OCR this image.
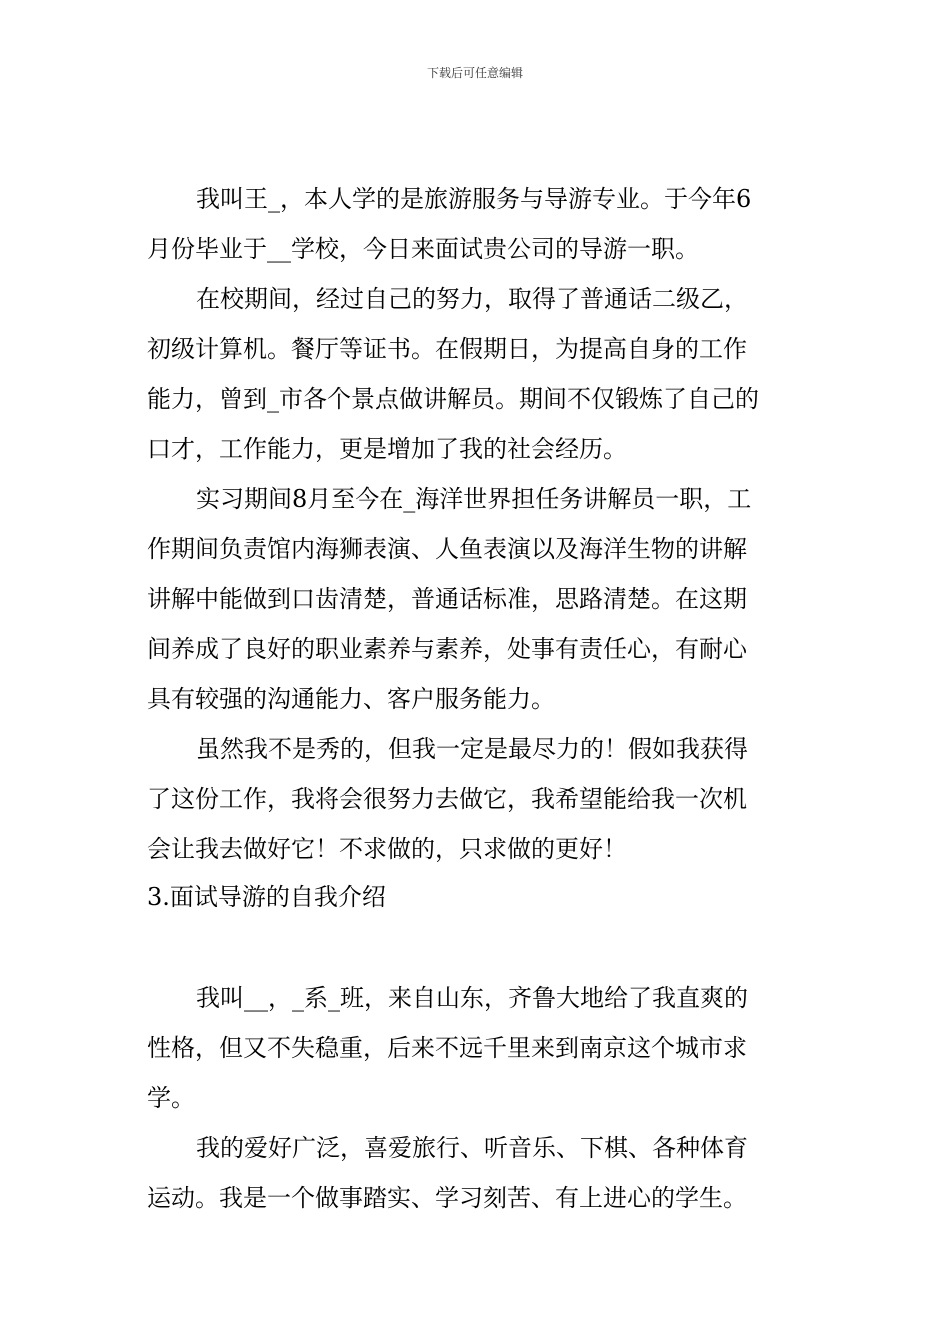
下载后可任意编辑
我叫王_，本人学的是旅游服务与导游专业。于今年6
月份毕业于__学校，今日来面试贵公司的导游一职。
在校期间，经过自己的努力，取得了普通话二级乙，
初级计算机。餐厅等证书。在假期日，为提高自身的工作
能力，曾到_市各个景点做讲解员。期间不仅锻炼了自己的
口才，工作能力，更是增加了我的社会经历。
实习期间8月至今在_海洋世界担任务讲解员一职，工
作期间负责馆内海狮表演、人鱼表演以及海洋生物的讲解
讲解中能做到口齿清楚，普通话标准，思路清楚。在这期
间养成了良好的职业素养与素养，处事有责任心，有耐心
具有较强的沟通能力、客户服务能力。
虽然我不是秀的，但我一定是最尽力的！假如我获得
了这份工作，我将会很努力去做它，我希望能给我一次机
会让我去做好它！不求做的，只求做的更好！
3.面试导游的自我介绍
我叫__，_系_班，来自山东，齐鲁大地给了我直爽的
性格，但又不失稳重，后来不远千里来到南京这个城市求
学。
我的爱好广泛，喜爱旅行、听音乐、下棋、各种体育
运动。我是一个做事踏实、学习刻苦、有上进心的学生。
